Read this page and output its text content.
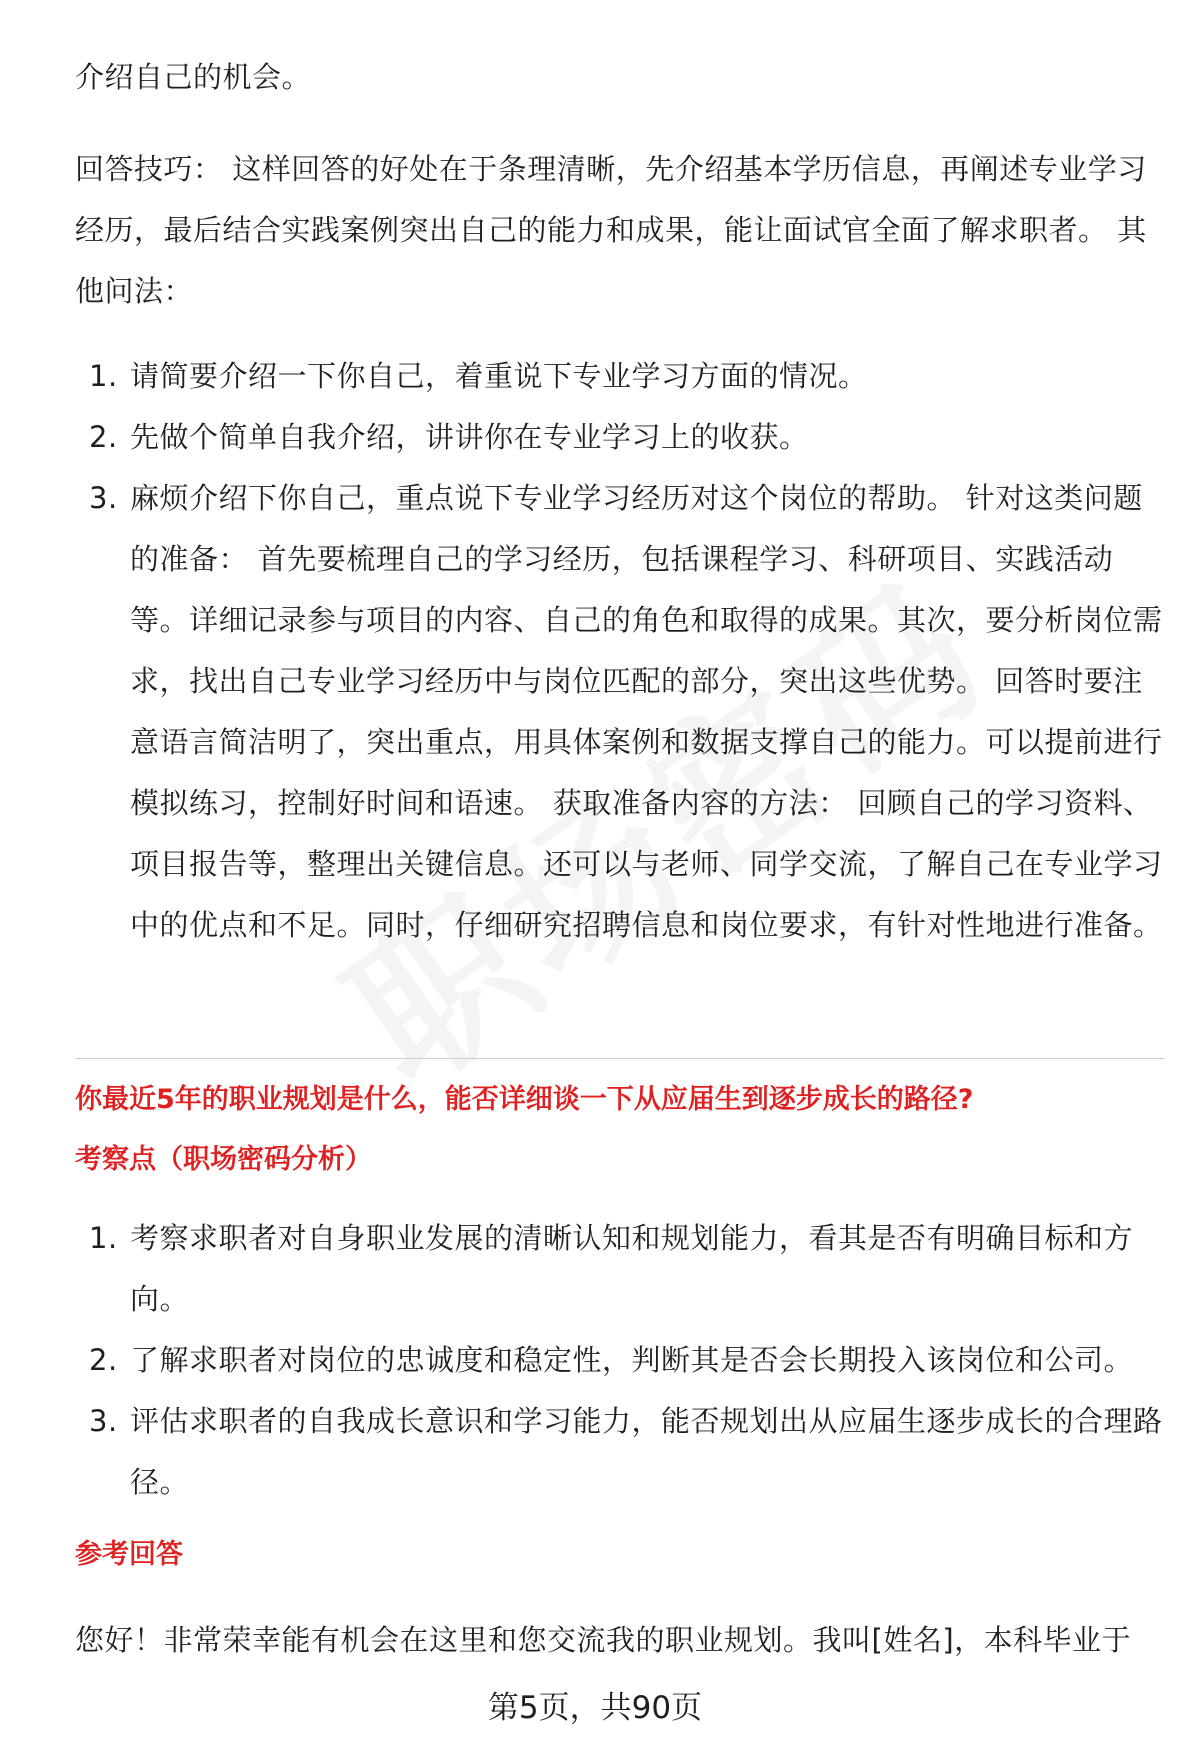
介绍自己的机会。

回答技巧： 这样回答的好处在于条理清晰，先介绍基本学历信息，再阐述专业学习经历，最后结合实践案例突出自己的能力和成果，能让面试官全面了解求职者。 其他问法：

1. 请简要介绍一下你自己，着重说下专业学习方面的情况。
2. 先做个简单自我介绍，讲讲你在专业学习上的收获。
3. 麻烦介绍下你自己，重点说下专业学习经历对这个岗位的帮助。 针对这类问题的准备： 首先要梳理自己的学习经历，包括课程学习、科研项目、实践活动等。详细记录参与项目的内容、自己的角色和取得的成果。其次，要分析岗位需求，找出自己专业学习经历中与岗位匹配的部分，突出这些优势。 回答时要注意语言简洁明了，突出重点，用具体案例和数据支撑自己的能力。可以提前进行模拟练习，控制好时间和语速。 获取准备内容的方法： 回顾自己的学习资料、项目报告等，整理出关键信息。还可以与老师、同学交流，了解自己在专业学习中的优点和不足。同时，仔细研究招聘信息和岗位要求，有针对性地进行准备。
你最近5年的职业规划是什么，能否详细谈一下从应届生到逐步成长的路径?
考察点（职场密码分析）
1. 考察求职者对自身职业发展的清晰认知和规划能力，看其是否有明确目标和方向。
2. 了解求职者对岗位的忠诚度和稳定性，判断其是否会长期投入该岗位和公司。
3. 评估求职者的自我成长意识和学习能力，能否规划出从应届生逐步成长的合理路径。
参考回答

您好！非常荣幸能有机会在这里和您交流我的职业规划。我叫[姓名]，本科毕业于

第5页，共90页
